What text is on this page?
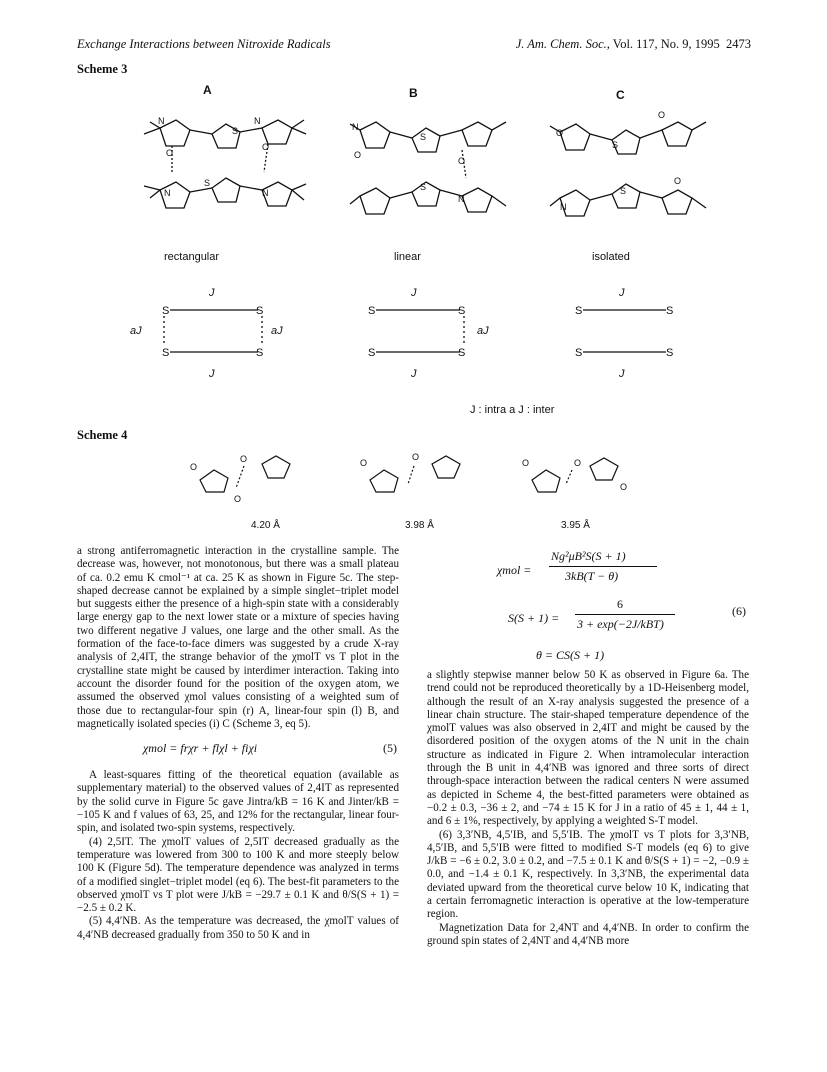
Exchange Interactions between Nitroxide Radicals	J. Am. Chem. Soc., Vol. 117, No. 9, 1995 2473
Scheme 3
A	B	C
N
O
S
N
O
S
N	N
N
O
S
O
S
N
O
S
O
S
O
N
S	S
S	S
S	S
S	S
S	S
S	S
rectangular	linear	isolated
J
J
aJ	aJ
J
J
aJ
J
J
J : intra a J : inter
Scheme 4
O
O
O
O
O
O	O
O
4.20 Å	3.98 Å	3.95 Å

a strong antiferromagnetic interaction in the crystalline sample. The decrease was, however, not monotonous, but there was a small plateau of ca. 0.2 emu K cmol⁻¹ at ca. 25 K as shown in Figure 5c. The step-shaped decrease cannot be explained by a simple singlet−triplet model but suggests either the presence of a high-spin state with a considerably large energy gap to the next lower state or a mixture of species having two different negative J values, one large and the other small. As the formation of the face-to-face dimers was suggested by a crude X-ray analysis of 2,4IT, the strange behavior of the χmolT vs T plot in the crystalline state might be caused by interdimer interaction. Taking into account the disorder found for the position of the oxygen atom, we assumed the observed χmol values consisting of a weighted sum of those due to rectangular-four spin (r) A, linear-four spin (l) B, and magnetically isolated species (i) C (Scheme 3, eq 5).

χmol = frχr + flχl + fiχi	(5)

A least-squares fitting of the theoretical equation (available as supplementary material) to the observed values of 2,4IT as represented by the solid curve in Figure 5c gave Jintra/kB = 16 K and Jinter/kB = −105 K and f values of 63, 25, and 12% for the rectangular, linear four-spin, and isolated two-spin systems, respectively.

(4) 2,5IT. The χmolT values of 2,5IT decreased gradually as the temperature was lowered from 300 to 100 K and more steeply below 100 K (Figure 5d). The temperature dependence was analyzed in terms of a modified singlet−triplet model (eq 6). The best-fit parameters to the observed χmolT vs T plot were J/kB = −29.7 ± 0.1 K and θ/S(S + 1) = −2.5 ± 0.2 K.

(5) 4,4′NB. As the temperature was decreased, the χmolT values of 4,4′NB decreased gradually from 350 to 50 K and in

χmol =
Ng²μB²S(S + 1)
3kB(T − θ)
S(S + 1) =
6
3 + exp(−2J/kBT)
(6)
θ = CS(S + 1)

a slightly stepwise manner below 50 K as observed in Figure 6a. The trend could not be reproduced theoretically by a 1D-Heisenberg model, although the result of an X-ray analysis suggested the presence of a linear chain structure. The stair-shaped temperature dependence of the χmolT values was also observed in 2,4IT and might be caused by the disordered position of the oxygen atoms of the N unit in the chain structure as indicated in Figure 2. When intramolecular interaction through the B unit in 4,4′NB was ignored and three sorts of direct through-space interaction between the radical centers N were assumed as depicted in Scheme 4, the best-fitted parameters were obtained as −0.2 ± 0.3, −36 ± 2, and −74 ± 15 K for J in a ratio of 45 ± 1, 44 ± 1, and 6 ± 1%, respectively, by applying a weighted S-T model.

(6) 3,3′NB, 4,5′IB, and 5,5′IB. The χmolT vs T plots for 3,3′NB, 4,5′IB, and 5,5′IB were fitted to modified S-T models (eq 6) to give J/kB = −6 ± 0.2, 3.0 ± 0.2, and −7.5 ± 0.1 K and θ/S(S + 1) = −2, −0.9 ± 0.0, and −1.4 ± 0.1 K, respectively. In 3,3′NB, the experimental data deviated upward from the theoretical curve below 10 K, indicating that a certain ferromagnetic interaction is operative at the low-temperature region.

Magnetization Data for 2,4NT and 4,4′NB. In order to confirm the ground spin states of 2,4NT and 4,4′NB more
